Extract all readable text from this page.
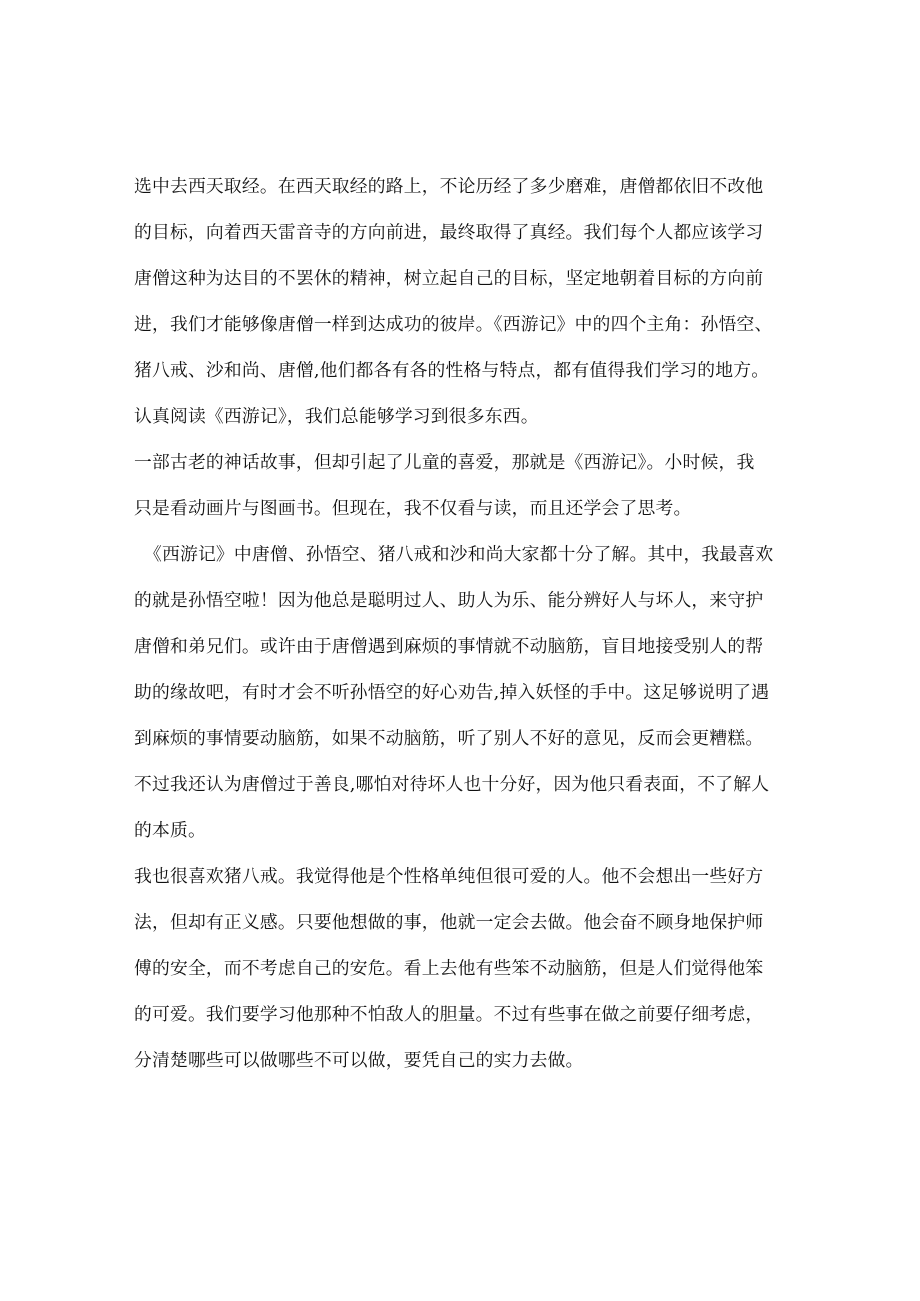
选中去西天取经。在西天取经的路上，不论历经了多少磨难，唐僧都依旧不改他
的目标，向着西天雷音寺的方向前进，最终取得了真经。我们每个人都应该学习
唐僧这种为达目的不罢休的精神，树立起自己的目标，坚定地朝着目标的方向前
进，我们才能够像唐僧一样到达成功的彼岸。《西游记》中的四个主角：孙悟空、
猪八戒、沙和尚、唐僧,他们都各有各的性格与特点，都有值得我们学习的地方。
认真阅读《西游记》，我们总能够学习到很多东西。
一部古老的神话故事，但却引起了儿童的喜爱，那就是《西游记》。小时候，我
只是看动画片与图画书。但现在，我不仅看与读，而且还学会了思考。
《西游记》中唐僧、孙悟空、猪八戒和沙和尚大家都十分了解。其中，我最喜欢
的就是孙悟空啦！因为他总是聪明过人、助人为乐、能分辨好人与坏人，来守护
唐僧和弟兄们。或许由于唐僧遇到麻烦的事情就不动脑筋，盲目地接受别人的帮
助的缘故吧，有时才会不听孙悟空的好心劝告,掉入妖怪的手中。这足够说明了遇
到麻烦的事情要动脑筋，如果不动脑筋，听了别人不好的意见，反而会更糟糕。
不过我还认为唐僧过于善良,哪怕对待坏人也十分好，因为他只看表面，不了解人
的本质。
我也很喜欢猪八戒。我觉得他是个性格单纯但很可爱的人。他不会想出一些好方
法，但却有正义感。只要他想做的事，他就一定会去做。他会奋不顾身地保护师
傅的安全，而不考虑自己的安危。看上去他有些笨不动脑筋，但是人们觉得他笨
的可爱。我们要学习他那种不怕敌人的胆量。不过有些事在做之前要仔细考虑，
分清楚哪些可以做哪些不可以做，要凭自己的实力去做。
